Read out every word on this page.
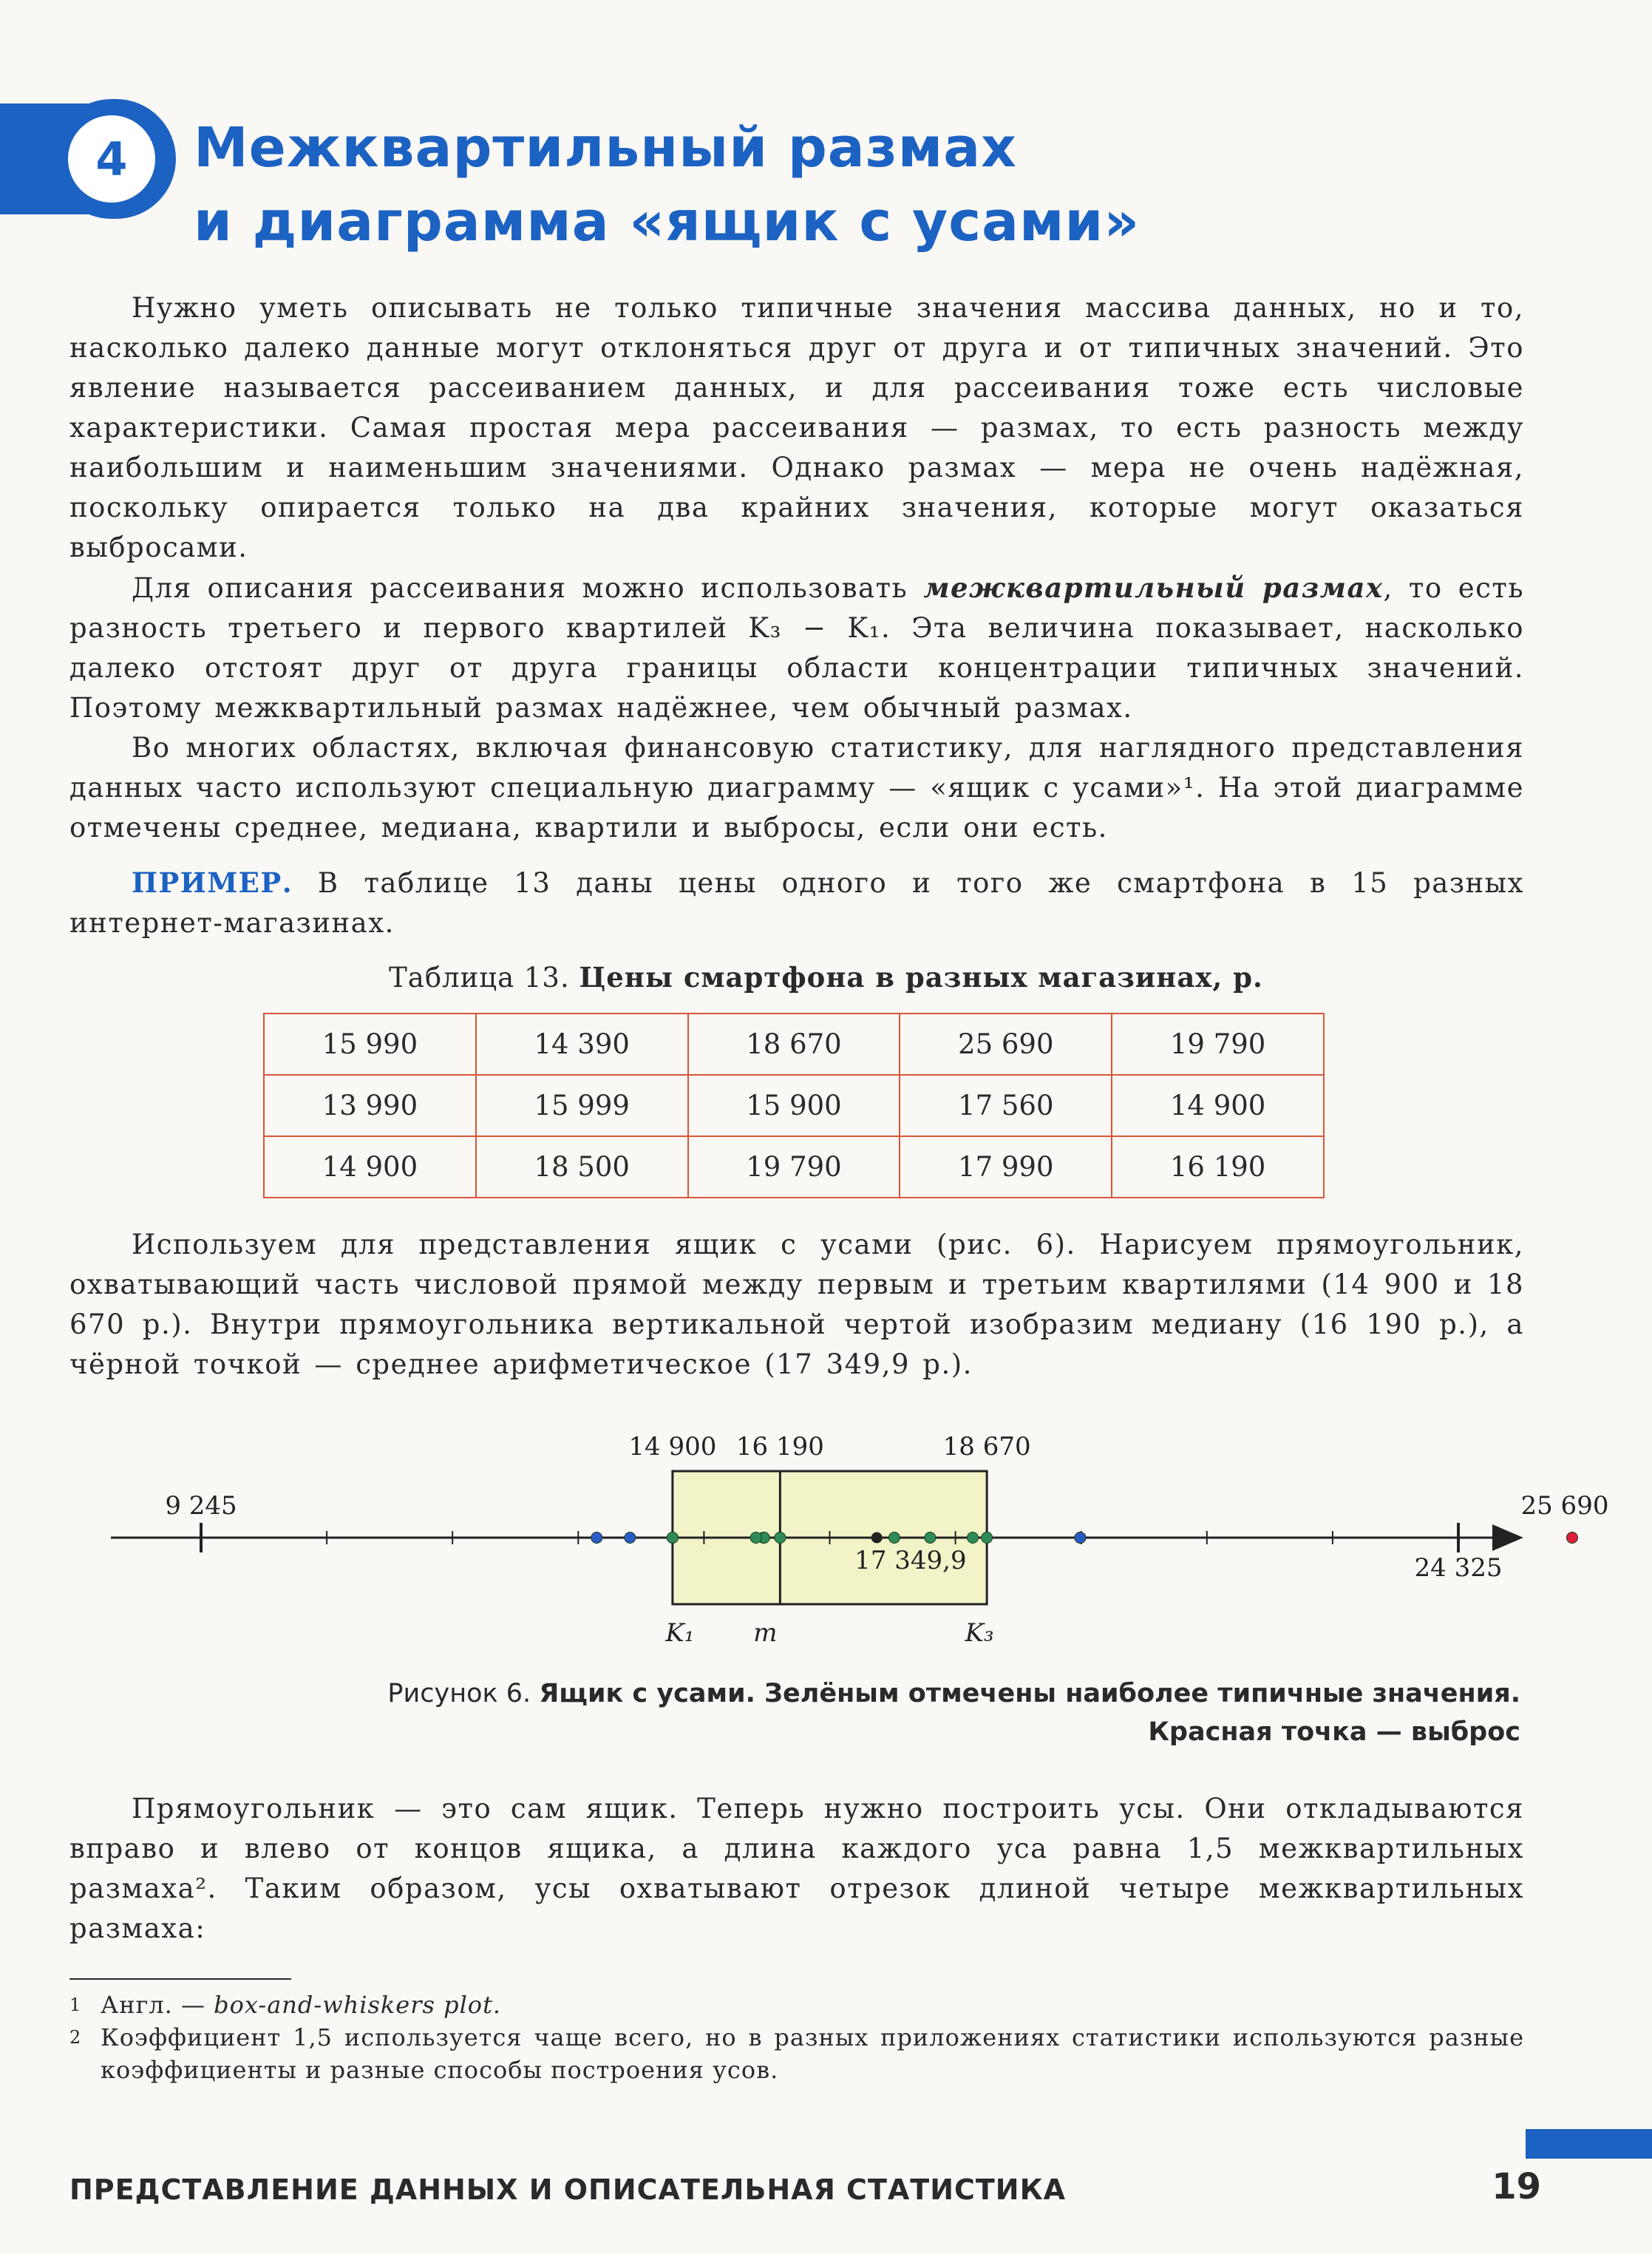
4	Межквартильный размах
и диаграмма «ящик с усами»

Нужно уметь описывать не только типичные значения массива данных, но и то, насколько далеко данные могут отклоняться друг от друга и от типичных значений. Это явление называется рассеиванием данных, и для рассеивания тоже есть числовые характеристики. Самая простая мера рассеивания — размах, то есть разность между наибольшим и наименьшим значениями. Однако размах — мера не очень надёжная, поскольку опирается только на два крайних значения, которые могут оказаться выбросами.

Для описания рассеивания можно использовать межквартильный размах, то есть разность третьего и первого квартилей K₃ − K₁. Эта величина показывает, насколько далеко отстоят друг от друга границы области концентрации типичных значений. Поэтому межквартильный размах надёжнее, чем обычный размах.

Во многих областях, включая финансовую статистику, для наглядного представления данных часто используют специальную диаграмму — «ящик с усами»¹. На этой диаграмме отмечены среднее, медиана, квартили и выбросы, если они есть.

ПРИМЕР. В таблице 13 даны цены одного и того же смартфона в 15 разных интернет-магазинах.

Таблица 13. Цены смартфона в разных магазинах, р.
15 990	14 390	18 670	25 690	19 790
13 990	15 999	15 900	17 560	14 900
14 900	18 500	19 790	17 990	16 190

Используем для представления ящик с усами (рис. 6). Нарисуем прямоугольник, охватывающий часть числовой прямой между первым и третьим квартилями (14 900 и 18 670 р.). Внутри прямоугольника вертикальной чертой изобразим медиану (16 190 р.), а чёрной точкой — среднее арифметическое (17 349,9 р.).

14 900 16 190	18 670
9 245
24 325
25 690
17 349,9
K₁ m	K₃
Рисунок 6. Ящик с усами. Зелёным отмечены наиболее типичные значения.
Красная точка — выброс

Прямоугольник — это сам ящик. Теперь нужно построить усы. Они откладываются вправо и влево от концов ящика, а длина каждого уса равна 1,5 межквартильных размаха². Таким образом, усы охватывают отрезок длиной четыре межквартильных размаха:

1 Англ. — box-and-whiskers plot.
2 Коэффициент 1,5 используется чаще всего, но в разных приложениях статистики используются разные коэффициенты и разные способы построения усов.
ПРЕДСТАВЛЕНИЕ ДАННЫХ И ОПИСАТЕЛЬНАЯ СТАТИСТИКА	19
